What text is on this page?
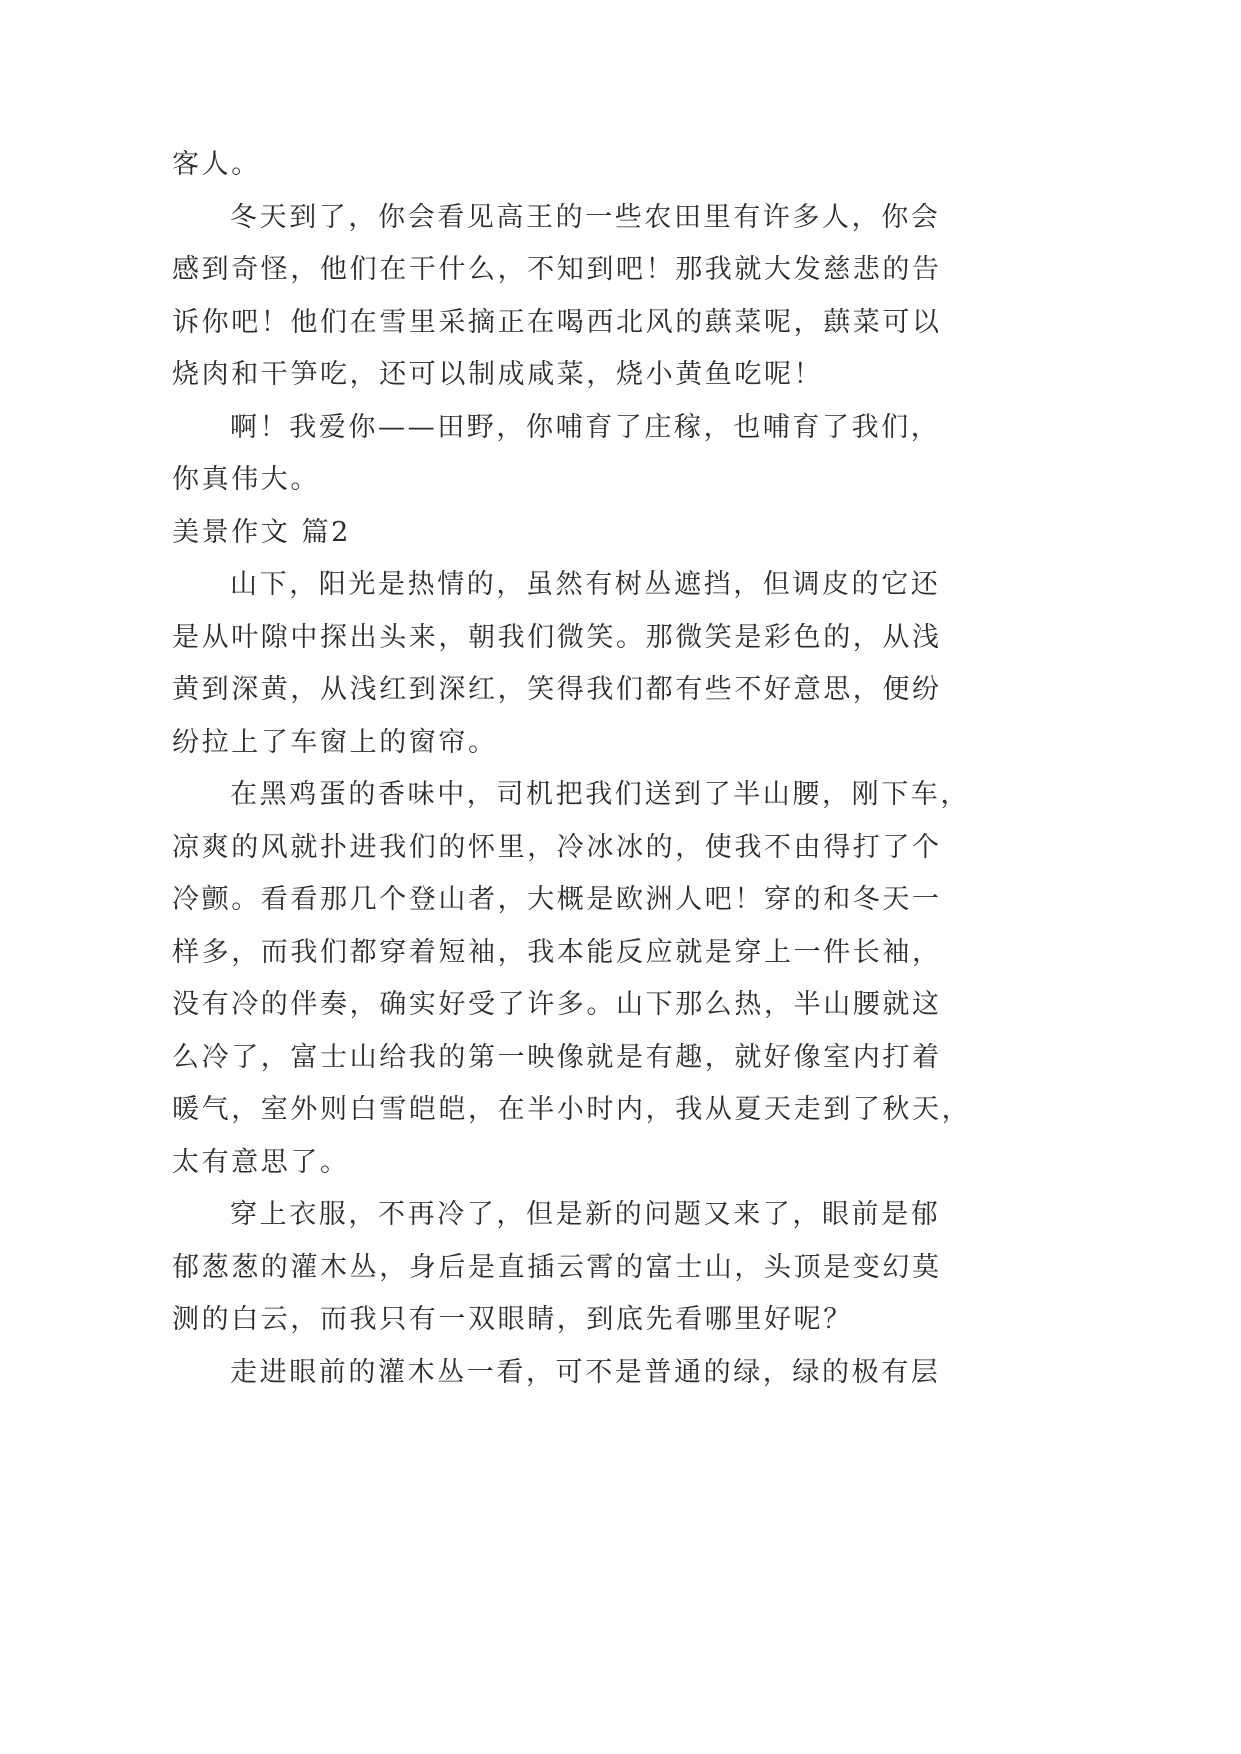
客人。
冬天到了，你会看见高王的一些农田里有许多人，你会
感到奇怪，他们在干什么，不知到吧！那我就大发慈悲的告
诉你吧！他们在雪里采摘正在喝西北风的蕻菜呢，蕻菜可以
烧肉和干笋吃，还可以制成咸菜，烧小黄鱼吃呢！
啊！我爱你——田野，你哺育了庄稼，也哺育了我们，
你真伟大。
美景作文 篇2
山下，阳光是热情的，虽然有树丛遮挡，但调皮的它还
是从叶隙中探出头来，朝我们微笑。那微笑是彩色的，从浅
黄到深黄，从浅红到深红，笑得我们都有些不好意思，便纷
纷拉上了车窗上的窗帘。
在黑鸡蛋的香味中，司机把我们送到了半山腰，刚下车，
凉爽的风就扑进我们的怀里，冷冰冰的，使我不由得打了个
冷颤。看看那几个登山者，大概是欧洲人吧！穿的和冬天一
样多，而我们都穿着短袖，我本能反应就是穿上一件长袖，
没有冷的伴奏，确实好受了许多。山下那么热，半山腰就这
么冷了，富士山给我的第一映像就是有趣，就好像室内打着
暖气，室外则白雪皑皑，在半小时内，我从夏天走到了秋天，
太有意思了。
穿上衣服，不再冷了，但是新的问题又来了，眼前是郁
郁葱葱的灌木丛，身后是直插云霄的富士山，头顶是变幻莫
测的白云，而我只有一双眼睛，到底先看哪里好呢？
走进眼前的灌木丛一看，可不是普通的绿，绿的极有层
